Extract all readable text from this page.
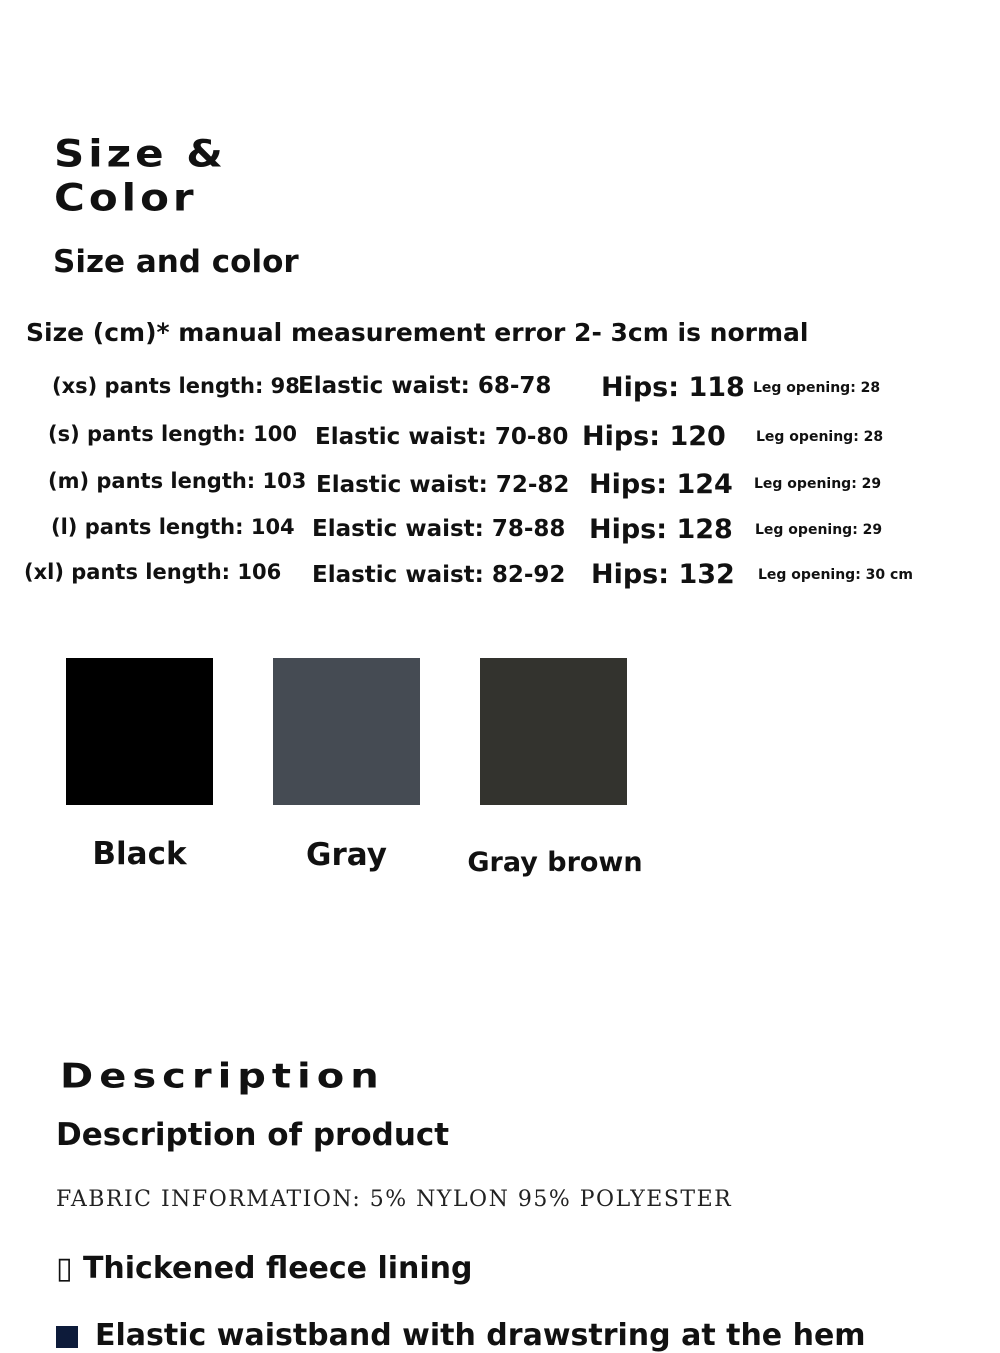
Size &
Color
Size and color
Size (cm)* manual measurement error 2- 3cm is normal
(xs) pants length: 98
Elastic waist: 68-78 Hips: 118 Leg opening: 28
(s) pants length: 100 Elastic waist: 70-80 Hips: 120 Leg opening: 28
(m) pants length: 103 Elastic waist: 72-82 Hips: 124 Leg opening: 29
(l) pants length: 104 Elastic waist: 78-88 Hips: 128 Leg opening: 29
(xl) pants length: 106 Elastic waist: 82-92 Hips: 132 Leg opening: 30 cm
Black	Gray	Gray brown
Description
Description of product
FABRIC INFORMATION: 5% NYLON 95% POLYESTER
▯ Thickened fleece lining
Elastic waistband with drawstring at the hem
